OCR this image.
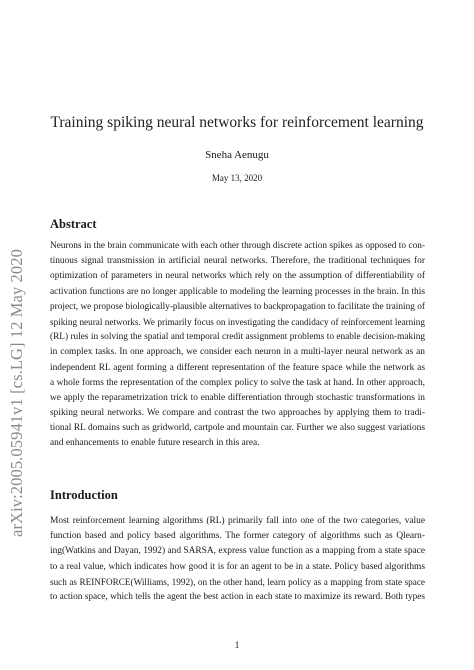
arXiv:2005.05941v1 [cs.LG] 12 May 2020
Training spiking neural networks for reinforcement learning
Sneha Aenugu
May 13, 2020
Abstract
Neurons in the brain communicate with each other through discrete action spikes as opposed to con-
tinuous signal transmission in artificial neural networks. Therefore, the traditional techniques for
optimization of parameters in neural networks which rely on the assumption of differentiability of
activation functions are no longer applicable to modeling the learning processes in the brain. In this
project, we propose biologically-plausible alternatives to backpropagation to facilitate the training of
spiking neural networks. We primarily focus on investigating the candidacy of reinforcement learning
(RL) rules in solving the spatial and temporal credit assignment problems to enable decision-making
in complex tasks. In one approach, we consider each neuron in a multi-layer neural network as an
independent RL agent forming a different representation of the feature space while the network as
a whole forms the representation of the complex policy to solve the task at hand. In other approach,
we apply the reparametrization trick to enable differentiation through stochastic transformations in
spiking neural networks. We compare and contrast the two approaches by applying them to tradi-
tional RL domains such as gridworld, cartpole and mountain car. Further we also suggest variations
and enhancements to enable future research in this area.
Introduction
Most reinforcement learning algorithms (RL) primarily fall into one of the two categories, value
function based and policy based algorithms. The former category of algorithms such as Qlearn-
ing(Watkins and Dayan, 1992) and SARSA, express value function as a mapping from a state space
to a real value, which indicates how good it is for an agent to be in a state. Policy based algorithms
such as REINFORCE(Williams, 1992), on the other hand, learn policy as a mapping from state space
to action space, which tells the agent the best action in each state to maximize its reward. Both types
1
